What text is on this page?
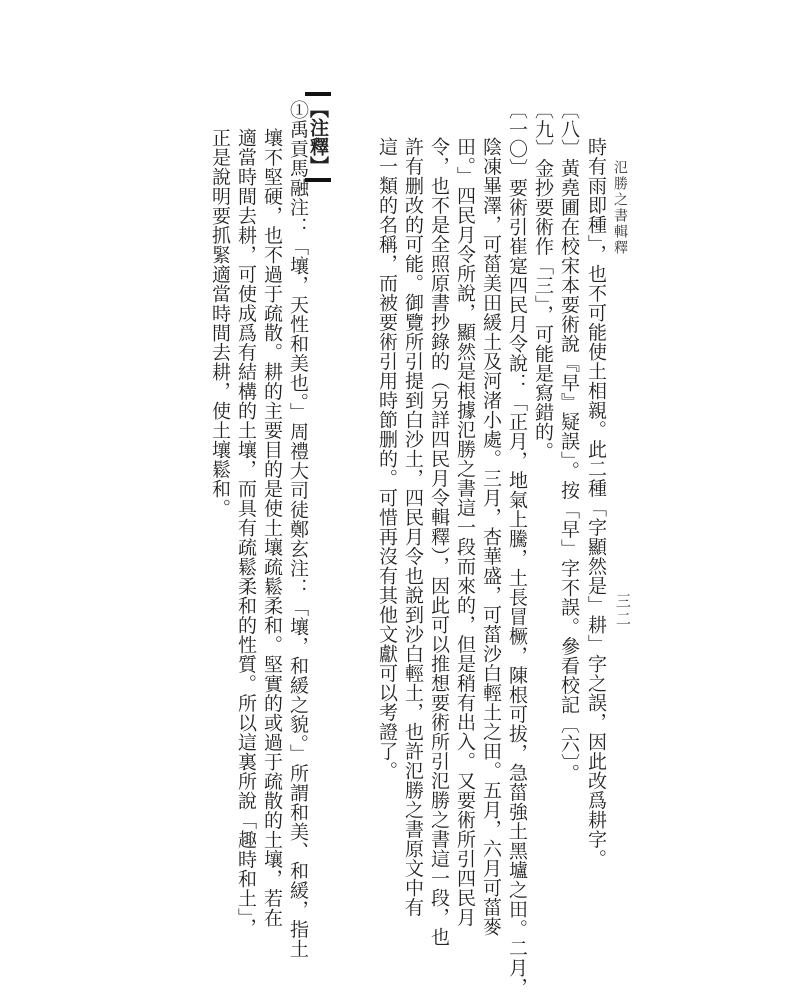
氾勝之書輯釋
三二
時有雨即種」，也不可能使土相親。此二種「字顯然是」耕」字之誤，因此改爲耕字。
〔八〕黃堯圃在校宋本要術說『早』疑誤」。按「早」字不誤。參看校記〔六〕。
〔九〕金抄要術作「三」，可能是寫錯的。
〔一〇〕要術引崔寔四民月令說：「正月，地氣上騰，土長冒橛，陳根可拔，急菑強土黑壚之田。二月，
陰凍畢澤，可菑美田緩土及河渚小處。三月，杏華盛，可菑沙白輕土之田。五月，六月可菑麥
田。」四民月令所說，顯然是根據氾勝之書這一段而來的，但是稍有出入。又要術所引四民月
令，也不是全照原書抄錄的（另詳四民月令輯釋），因此可以推想要術所引氾勝之書這一段，也
許有删改的可能。御覽所引提到白沙土，四民月令也說到沙白輕土，也許氾勝之書原文中有
這一類的名稱，而被要術引用時節删的。可惜再沒有其他文獻可以考證了。
【注釋】
①禹貢馬融注：「壤，天性和美也。」周禮大司徒鄭玄注：「壤，和緩之貌。」所謂和美、和緩，指土
壤不堅硬，也不過于疏散。耕的主要目的是使土壤疏鬆柔和。堅實的或過于疏散的土壤，若在
適當時間去耕，可使成爲有結構的土壤，而具有疏鬆柔和的性質。所以這裏所說「趣時和土」，
正是說明要抓緊適當時間去耕，使土壤鬆和。
